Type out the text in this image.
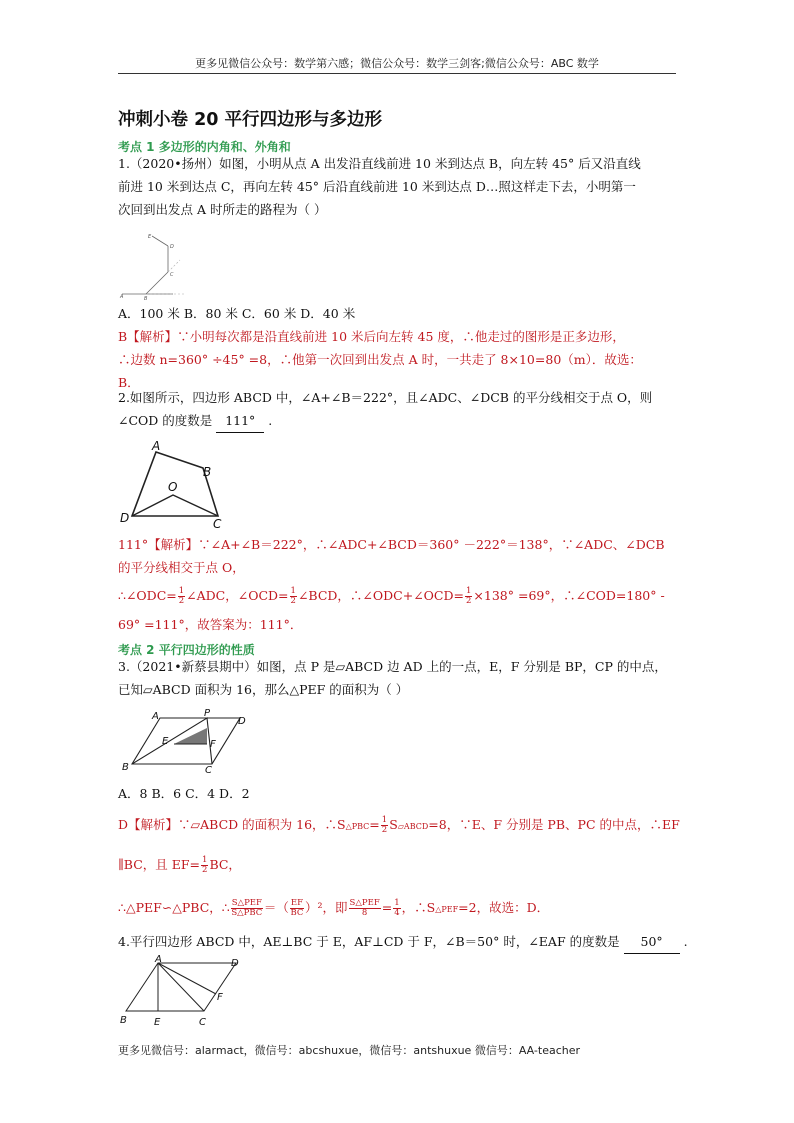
更多见微信公众号：数学第六感；微信公众号：数学三剑客;微信公众号：ABC 数学
冲刺小卷 20 平行四边形与多边形
考点 1 多边形的内角和、外角和
1.（2020•扬州）如图，小明从点 A 出发沿直线前进 10 米到达点 B，向左转 45° 后又沿直线
前进 10 米到达点 C，再向左转 45° 后沿直线前进 10 米到达点 D…照这样走下去，小明第一
次回到出发点 A 时所走的路程为（ ）
A	B
C
D
E
A．100 米 B．80 米 C．60 米 D．40 米
B【解析】∵小明每次都是沿直线前进 10 米后向左转 45 度，∴他走过的图形是正多边形，
∴边数 n=360° ÷45° =8，∴他第一次回到出发点 A 时，一共走了 8×10=80（m）．故选：
B．
2.如图所示，四边形 ABCD 中，∠A+∠B＝222°，且∠ADC、∠DCB 的平分线相交于点 O，则
∠COD 的度数是 111° .
A
B
C
D
O
111°【解析】∵∠A+∠B＝222°，∴∠ADC+∠BCD＝360° －222°＝138°，∵∠ADC、∠DCB
的平分线相交于点 O，
∴∠ODC= $\frac{1}{2}$ ∠ADC，∠OCD= $\frac{1}{2}$ ∠BCD，∴∠ODC+∠OCD= $\frac{1}{2} \times 138^\circ =69^\circ$，∴∠COD=180° -
69° =111°，故答案为：111°．
考点 2 平行四边形的性质
3.（2021•新蔡县期中）如图，点 P 是▱ABCD 边 AD 上的一点，E，F 分别是 BP，CP 的中点，
已知▱ABCD 面积为 16，那么△PEF 的面积为（ ）
A	P
D
B	C
E	F
A．8 B．6 C．4 D．2
D【解析】∵▱ABCD 的面积为 16，∴S△PBC= $\frac{1}{2}$ S▱ABCD=8，∵E、F 分别是 PB、PC 的中点，∴EF
∥BC，且 $EF= \frac{1}{2}$ BC，
∴△PEF∽△PBC，∴ $\frac{\text{S△PEF}}{\text{S△PBC}}$ ＝（ $\frac{EF}{BC} )^2$，即 $\frac{\text{S△PEF}}{8} = \frac{1}{4}$ ，∴S△PEF=2，故选：D．
4.平行四边形 ABCD 中，AE⊥BC 于 E，AF⊥CD 于 F，∠B＝50° 时，∠EAF 的度数是 50° .
A	D
B	E	C
F
更多见微信号：alarmact，微信号：abcshuxue，微信号：antshuxue 微信号：AA-teacher
